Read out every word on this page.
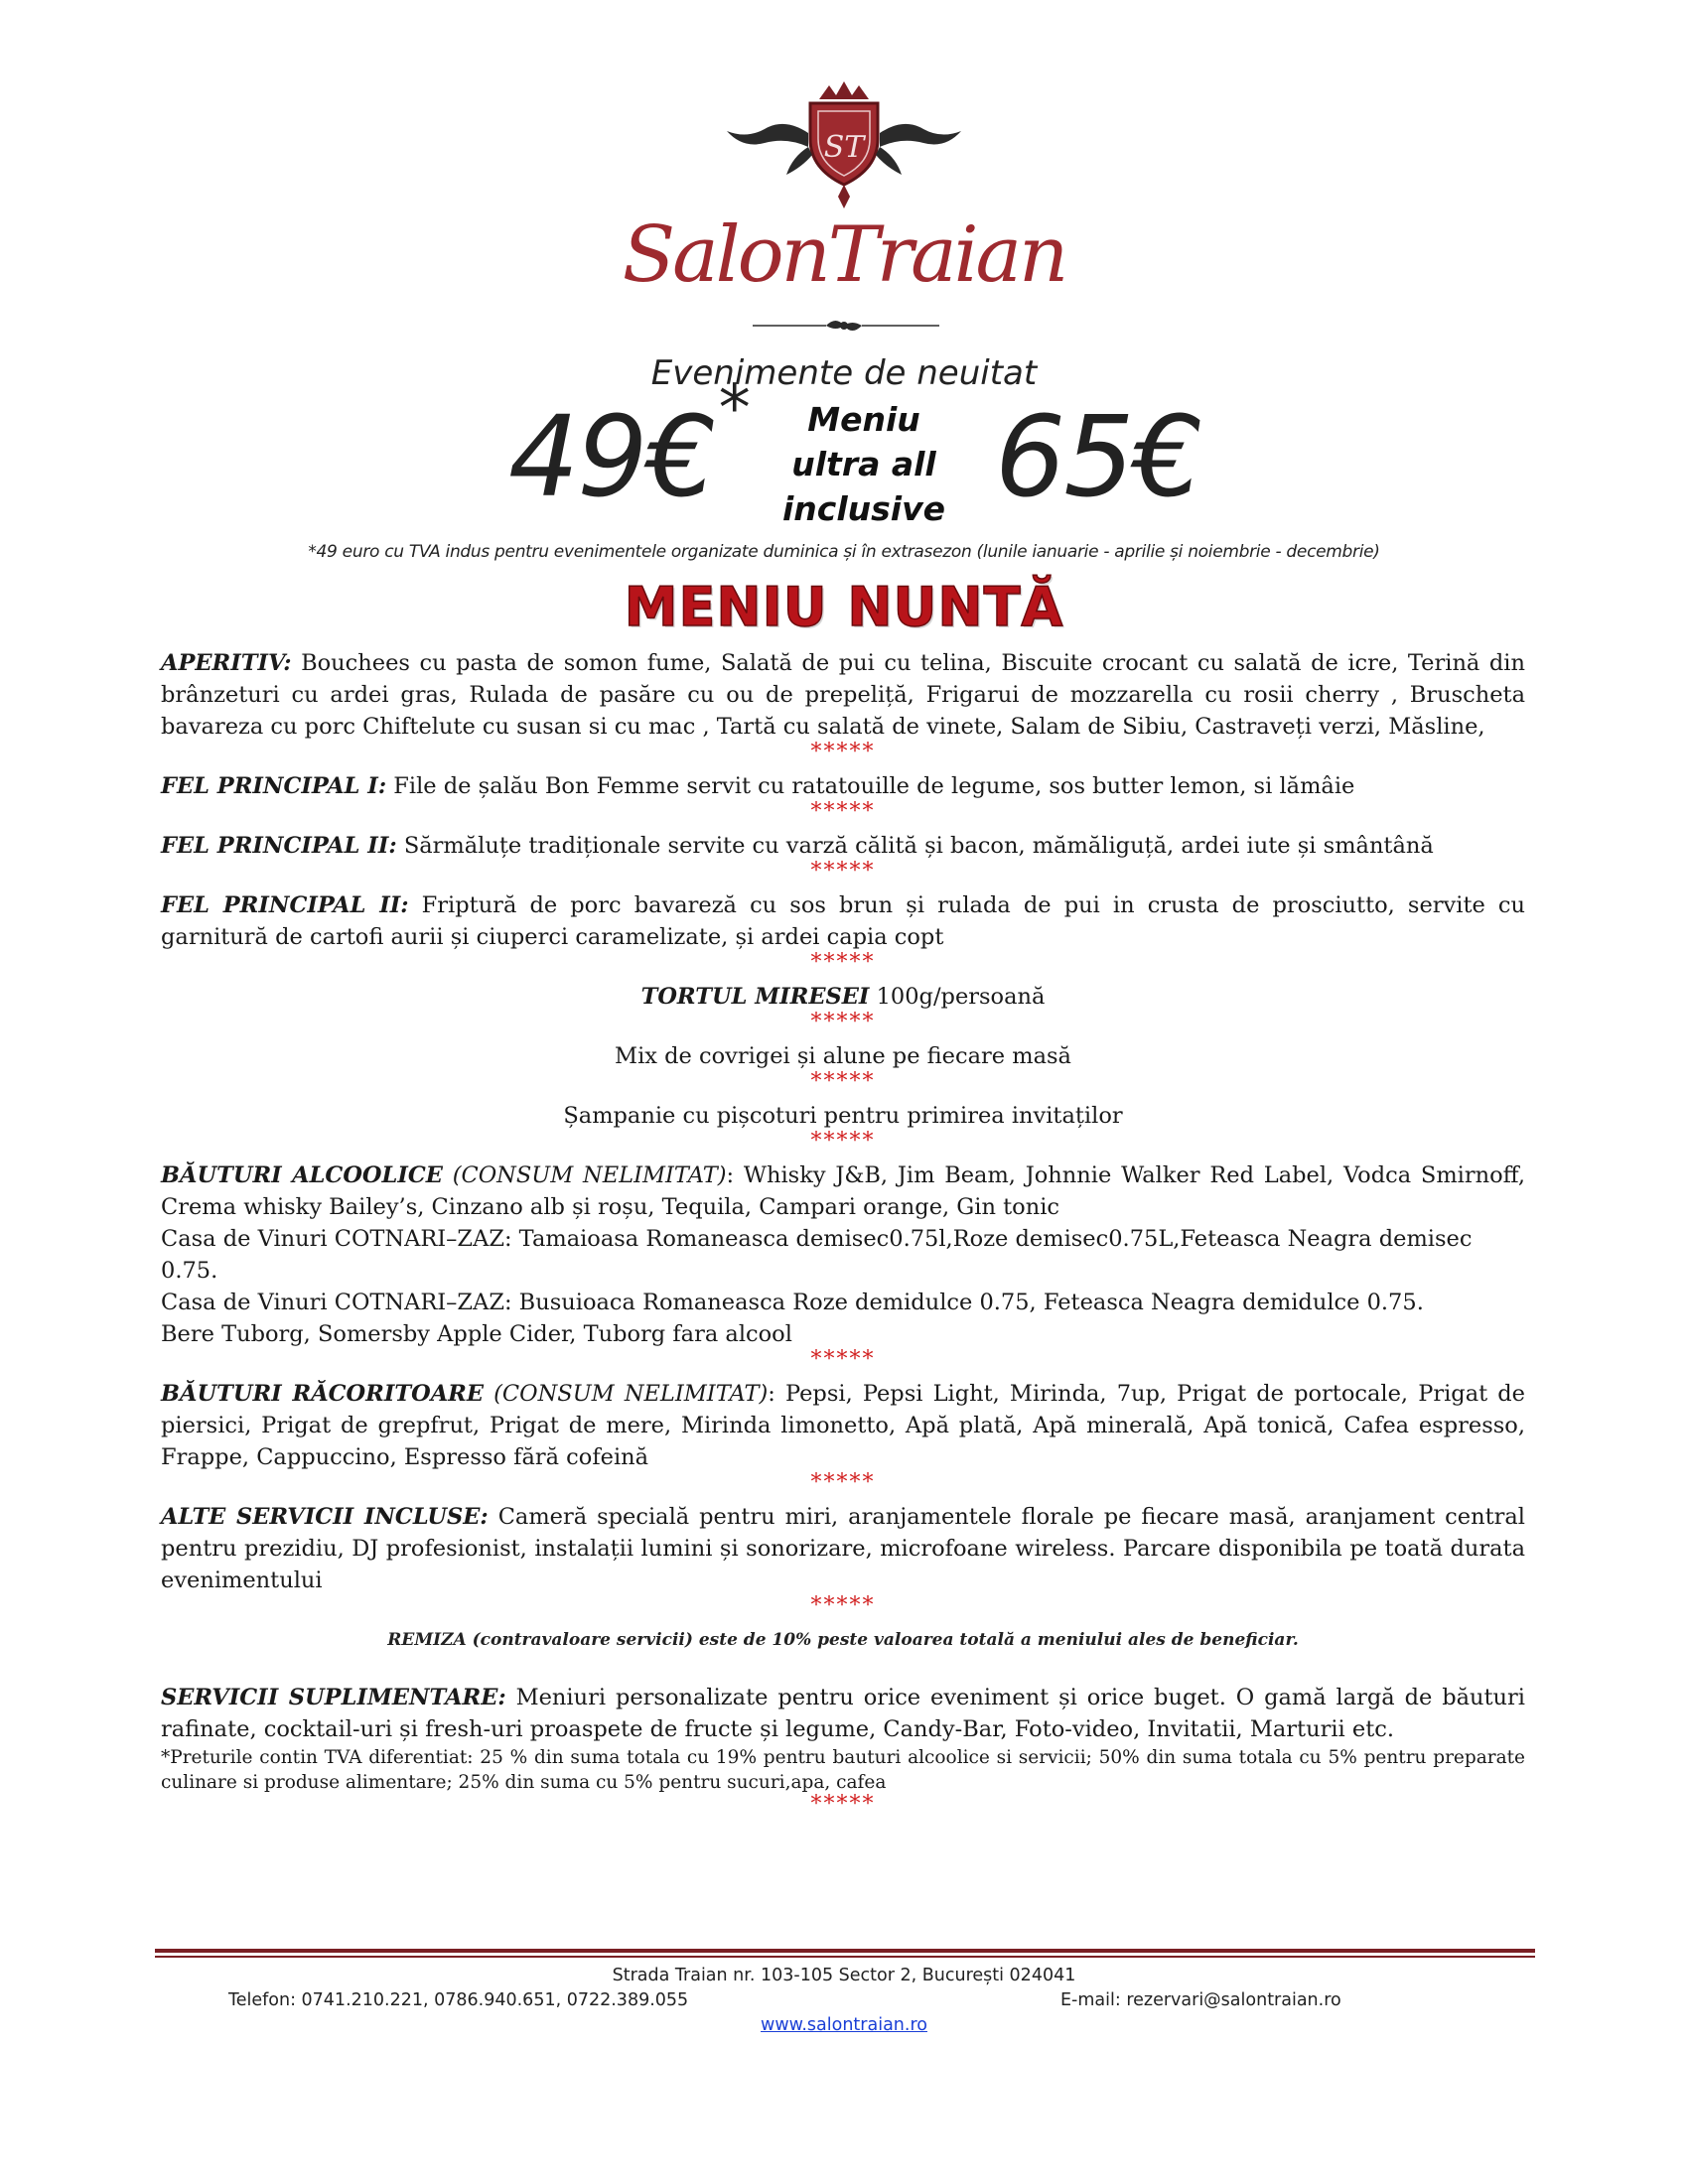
ST
SalonTraian
Evenimente de neuitat
49€*	Meniu
ultra all
inclusive 65€
*49 euro cu TVA indus pentru evenimentele organizate duminica și în extrasezon (lunile ianuarie - aprilie și noiembrie - decembrie)
MENIU NUNTĂ

APERITIV: Bouchees cu pasta de somon fume, Salată de pui cu telina, Biscuite crocant cu salată de icre, Terină din brânzeturi cu ardei gras, Rulada de pasăre cu ou de prepeliță, Frigarui de mozzarella cu rosii cherry , Bruscheta bavareza cu porc Chiftelute cu susan si cu mac , Tartă cu salată de vinete, Salam de Sibiu, Castraveți verzi, Măsline,

*****

FEL PRINCIPAL I: File de șalău Bon Femme servit cu ratatouille de legume, sos butter lemon, si lămâie

*****

FEL PRINCIPAL II: Sărmăluțe tradiționale servite cu varză călită și bacon, mămăliguță, ardei iute și smântână

*****

FEL PRINCIPAL II: Friptură de porc bavareză cu sos brun și rulada de pui in crusta de prosciutto, servite cu garnitură de cartofi aurii și ciuperci caramelizate, și ardei capia copt

*****

TORTUL MIRESEI 100g/persoană

*****

Mix de covrigei și alune pe fiecare masă

*****

Șampanie cu pișcoturi pentru primirea invitaților

*****

BĂUTURI ALCOOLICE (CONSUM NELIMITAT): Whisky J&B, Jim Beam, Johnnie Walker Red Label, Vodca Smirnoff, Crema whisky Bailey’s, Cinzano alb și roșu, Tequila, Campari orange, Gin tonic

Casa de Vinuri COTNARI–ZAZ: Tamaioasa Romaneasca demisec0.75l,Roze demisec0.75L,Feteasca Neagra demisec 0.75.

Casa de Vinuri COTNARI–ZAZ: Busuioaca Romaneasca Roze demidulce 0.75, Feteasca Neagra demidulce 0.75.

Bere Tuborg, Somersby Apple Cider, Tuborg fara alcool

*****

BĂUTURI RĂCORITOARE (CONSUM NELIMITAT): Pepsi, Pepsi Light, Mirinda, 7up, Prigat de portocale, Prigat de piersici, Prigat de grepfrut, Prigat de mere, Mirinda limonetto, Apă plată, Apă minerală, Apă tonică, Cafea espresso, Frappe, Cappuccino, Espresso fără cofeină

*****

ALTE SERVICII INCLUSE: Cameră specială pentru miri, aranjamentele florale pe fiecare masă, aranjament central pentru prezidiu, DJ profesionist, instalații lumini și sonorizare, microfoane wireless. Parcare disponibila pe toată durata evenimentului

*****

REMIZA (contravaloare servicii) este de 10% peste valoarea totală a meniului ales de beneficiar.

SERVICII SUPLIMENTARE: Meniuri personalizate pentru orice eveniment și orice buget. O gamă largă de băuturi rafinate, cocktail-uri și fresh-uri proaspete de fructe și legume, Candy-Bar, Foto-video, Invitatii, Marturii etc.

*Preturile contin TVA diferentiat: 25 % din suma totala cu 19% pentru bauturi alcoolice si servicii; 50% din suma totala cu 5% pentru preparate culinare si produse alimentare; 25% din suma cu 5% pentru sucuri,apa, cafea

*****
Strada Traian nr. 103-105 Sector 2, București 024041
Telefon: 0741.210.221, 0786.940.651, 0722.389.055	E-mail: rezervari@salontraian.ro
www.salontraian.ro
